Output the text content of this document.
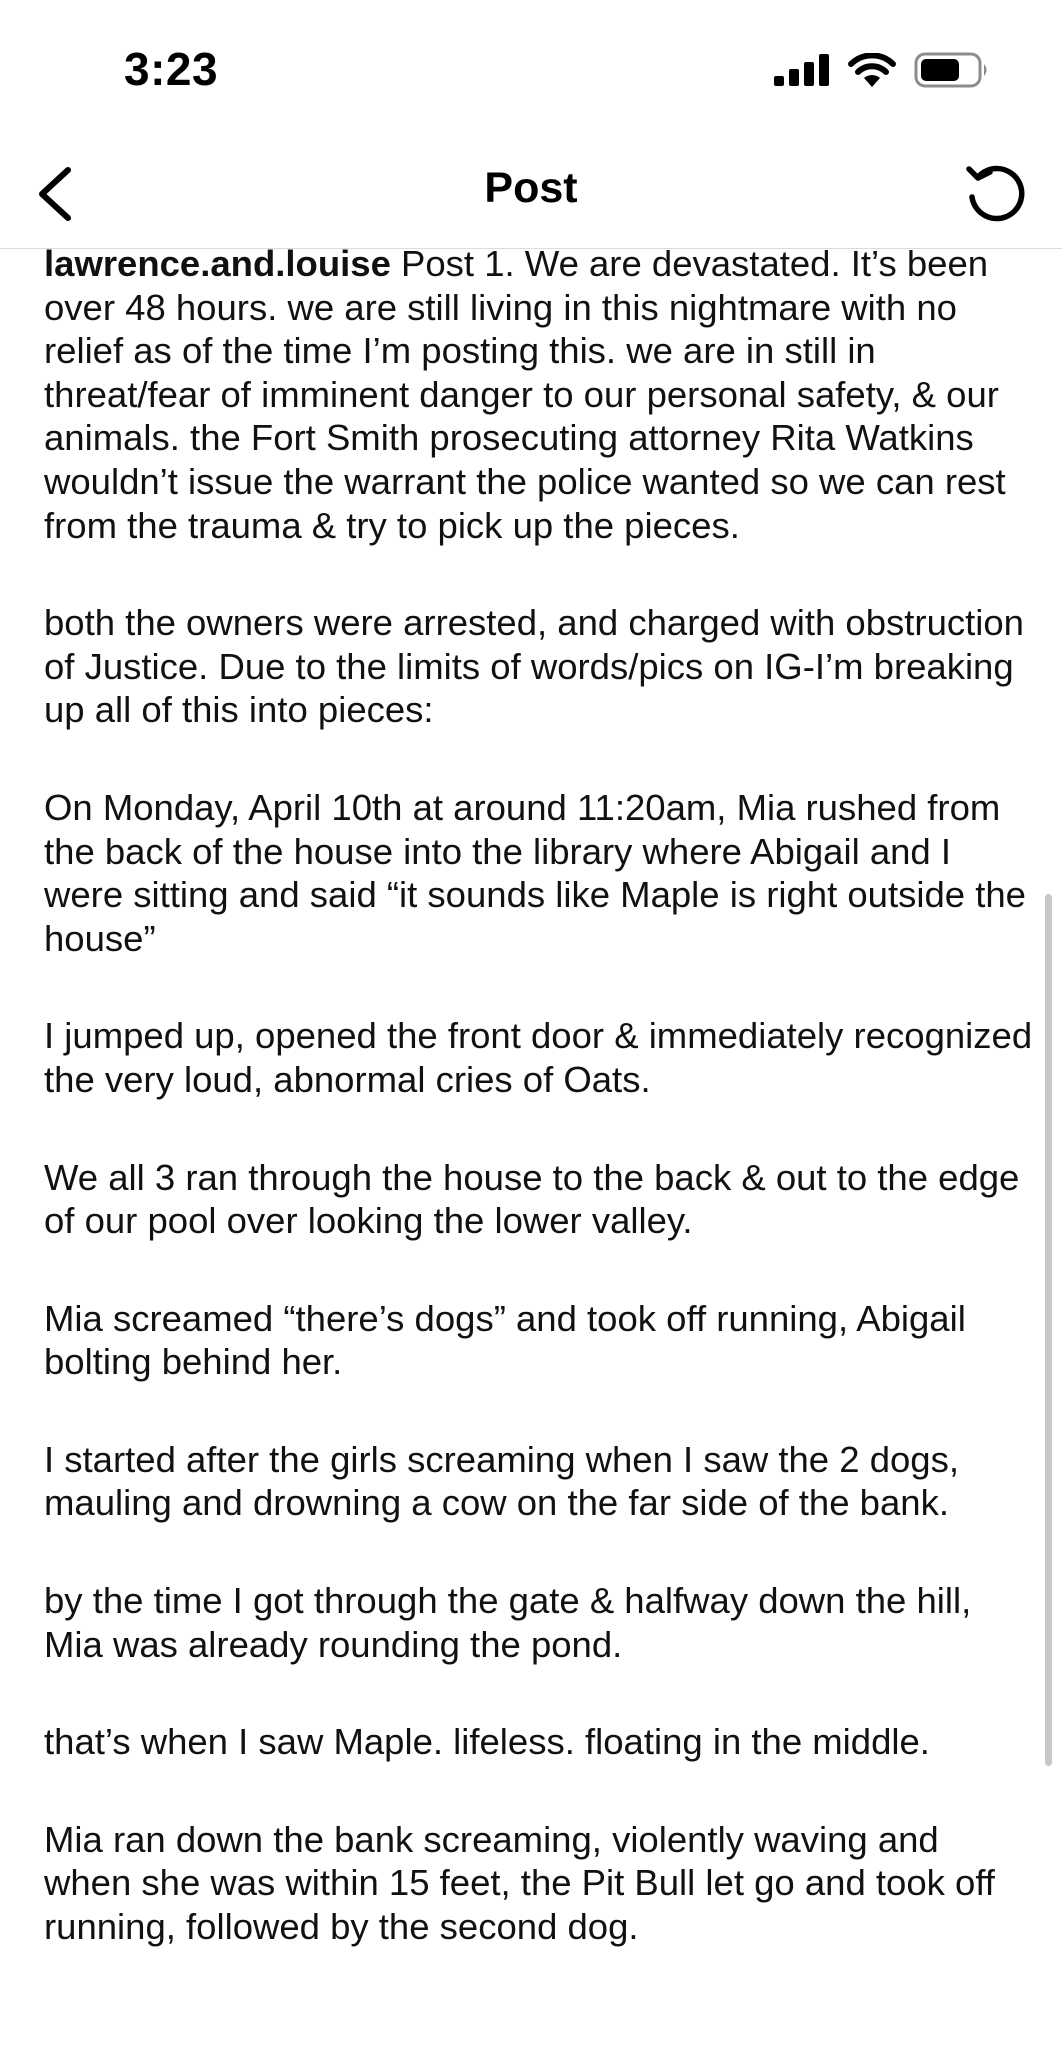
3:23
Post

lawrence.and.louise Post 1. We are devastated. It’s been over 48 hours. we are still living in this nightmare with no relief as of the time I’m posting this. we are in still in threat/fear of imminent danger to our personal safety, & our animals. the Fort Smith prosecuting attorney Rita Watkins wouldn’t issue the warrant the police wanted so we can rest from the trauma & try to pick up the pieces.

both the owners were arrested, and charged with obstruction of Justice. Due to the limits of words/pics on IG-I’m breaking up all of this into pieces:

On Monday, April 10th at around 11:20am, Mia rushed from the back of the house into the library where Abigail and I were sitting and said “it sounds like Maple is right outside the house”

I jumped up, opened the front door & immediately recognized the very loud, abnormal cries of Oats.

We all 3 ran through the house to the back & out to the edge of our pool over looking the lower valley.

Mia screamed “there’s dogs” and took off running, Abigail bolting behind her.

I started after the girls screaming when I saw the 2 dogs, mauling and drowning a cow on the far side of the bank.

by the time I got through the gate & halfway down the hill, Mia was already rounding the pond.

that’s when I saw Maple. lifeless. floating in the middle.

Mia ran down the bank screaming, violently waving and when she was within 15 feet, the Pit Bull let go and took off running, followed by the second dog.
